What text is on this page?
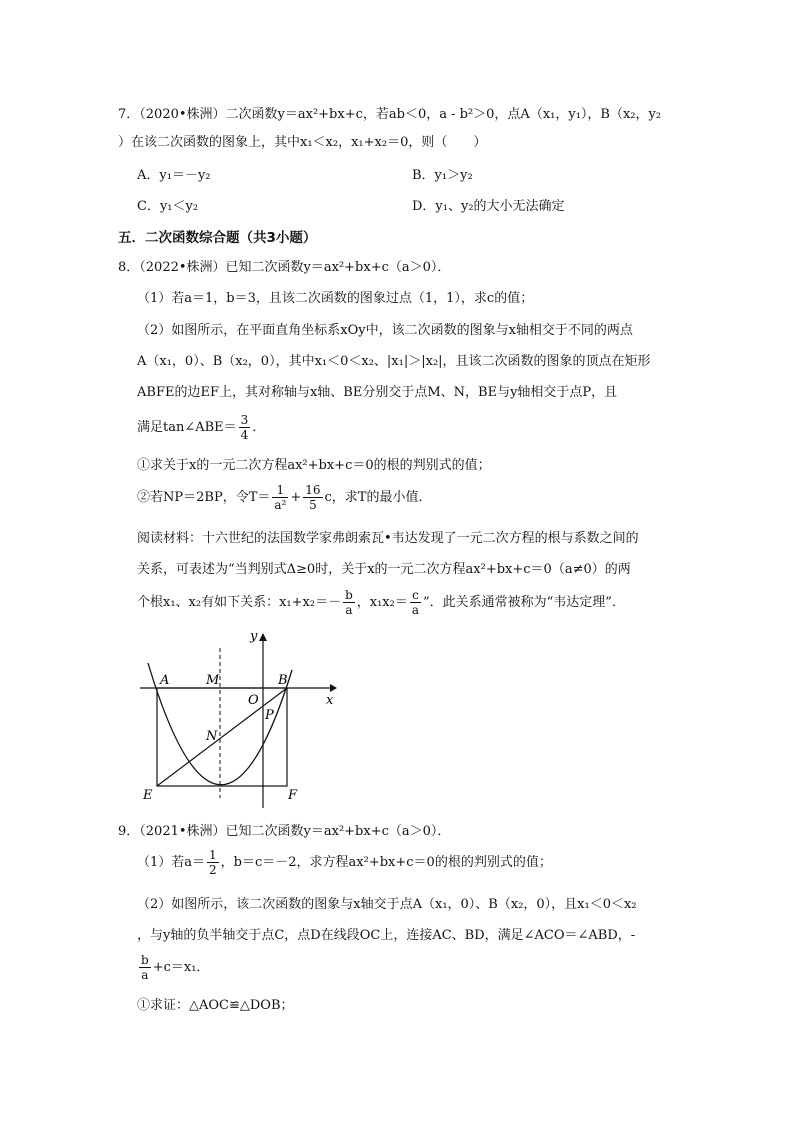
7．（2020•株洲）二次函数y＝ax²+bx+c，若ab＜0，a - b²＞0，点A（x₁，y₁），B（x₂，y₂
）在该二次函数的图象上，其中x₁＜x₂，x₁+x₂＝0，则（　　）
A．y₁＝－y₂	B．y₁＞y₂
C．y₁＜y₂	D．y₁、y₂的大小无法确定
五．二次函数综合题（共3小题）
8．（2022•株洲）已知二次函数y＝ax²+bx+c（a＞0）．
（1）若a＝1，b＝3，且该二次函数的图象过点（1，1），求c的值；
（2）如图所示，在平面直角坐标系xOy中，该二次函数的图象与x轴相交于不同的两点
A（x₁，0）、B（x₂，0），其中x₁＜0＜x₂、|x₁|＞|x₂|，且该二次函数的图象的顶点在矩形
ABFE的边EF上，其对称轴与x轴、BE分别交于点M、N，BE与y轴相交于点P，且
满足tan∠ABE＝ $\frac{3}{4}$ ．
①求关于x的一元二次方程ax²+bx+c＝0的根的判别式的值；
②若NP＝2BP，令$T= \frac{1}{\text{a²}} + \frac{16}{5}$ c，求T的最小值．
阅读材料：十六世纪的法国数学家弗朗索瓦•韦达发现了一元二次方程的根与系数之间的
关系，可表述为“当判别式Δ≥0时，关于x的一元二次方程ax²+bx+c＝0（a≠0）的两
个根x₁、x₂有如下关系：$x_1+x_2=- \frac{b}{a}$ ，$x_1x_2= \frac{c}{a}$ ”．此关系通常被称为“韦达定理”．
A	M	B
O	x
y
P
N
E	F
9．（2021•株洲）已知二次函数y＝ax²+bx+c（a＞0）．
（1）若$a= \frac{1}{2}$ ，b＝c＝－2，求方程ax²+bx+c＝0的根的判别式的值；
（2）如图所示，该二次函数的图象与x轴交于点A（x₁，0）、B（x₂，0），且x₁＜0＜x₂
，与y轴的负半轴交于点C，点D在线段OC上，连接AC、BD，满足∠ACO＝∠ABD，-
$\frac{b}{a} +c=x_1$．
①求证：△AOC≌△DOB；
